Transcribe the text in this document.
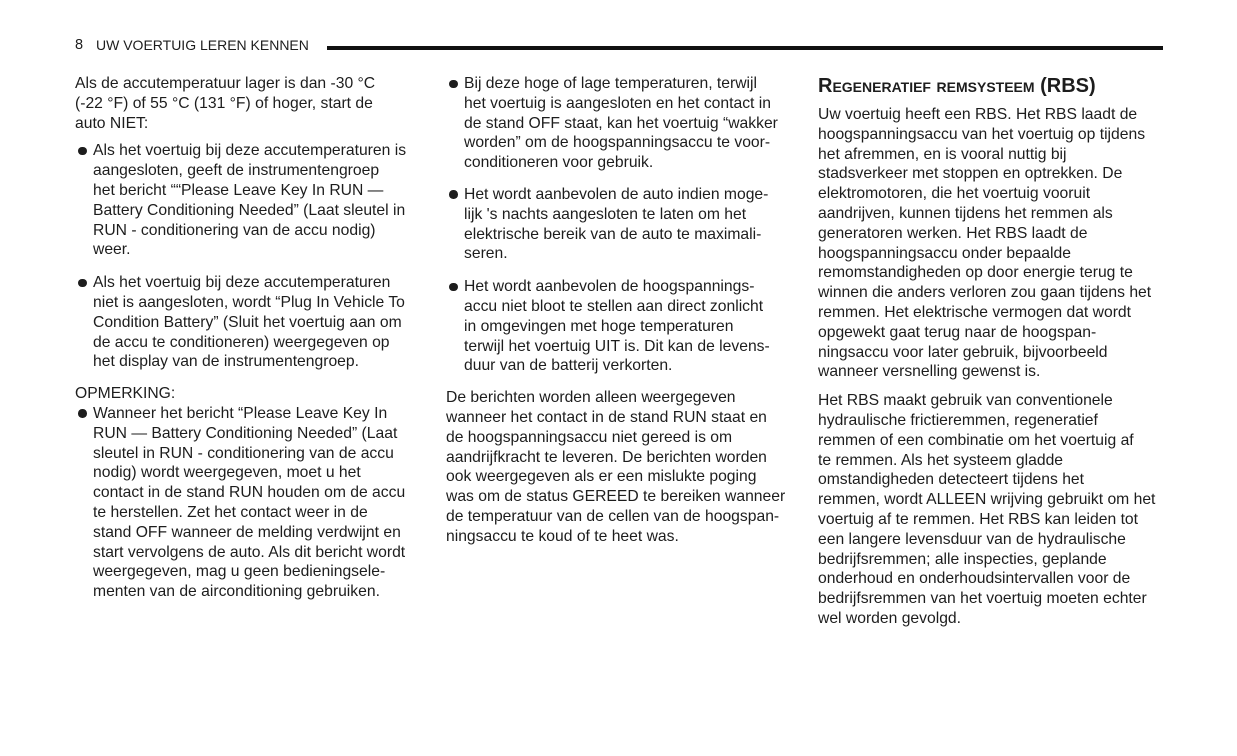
8 UW VOERTUIG LEREN KENNEN
Als de accutemperatuur lager is dan -30 °C
(-22 °F) of 55 °C (131 °F) of hoger, start de
auto NIET:
Als het voertuig bij deze accutemperaturen is
aangesloten, geeft de instrumentengroep
het bericht ““Please Leave Key In RUN —
Battery Conditioning Needed” (Laat sleutel in
RUN - conditionering van de accu nodig)
weer.
Als het voertuig bij deze accutemperaturen
niet is aangesloten, wordt “Plug In Vehicle To
Condition Battery” (Sluit het voertuig aan om
de accu te conditioneren) weergegeven op
het display van de instrumentengroep.
OPMERKING:
Wanneer het bericht “Please Leave Key In
RUN — Battery Conditioning Needed” (Laat
sleutel in RUN - conditionering van de accu
nodig) wordt weergegeven, moet u het
contact in de stand RUN houden om de accu
te herstellen. Zet het contact weer in de
stand OFF wanneer de melding verdwijnt en
start vervolgens de auto. Als dit bericht wordt
weergegeven, mag u geen bedieningsele-
menten van de airconditioning gebruiken.
Bij deze hoge of lage temperaturen, terwijl
het voertuig is aangesloten en het contact in
de stand OFF staat, kan het voertuig “wakker
worden” om de hoogspanningsaccu te voor-
conditioneren voor gebruik.
Het wordt aanbevolen de auto indien moge-
lijk 's nachts aangesloten te laten om het
elektrische bereik van de auto te maximali-
seren.
Het wordt aanbevolen de hoogspannings-
accu niet bloot te stellen aan direct zonlicht
in omgevingen met hoge temperaturen
terwijl het voertuig UIT is. Dit kan de levens-
duur van de batterij verkorten.
De berichten worden alleen weergegeven
wanneer het contact in de stand RUN staat en
de hoogspanningsaccu niet gereed is om
aandrijfkracht te leveren. De berichten worden
ook weergegeven als er een mislukte poging
was om de status GEREED te bereiken wanneer
de temperatuur van de cellen van de hoogspan-
ningsaccu te koud of te heet was.
Regeneratief remsysteem (RBS)
Uw voertuig heeft een RBS. Het RBS laadt de
hoogspanningsaccu van het voertuig op tijdens
het afremmen, en is vooral nuttig bij
stadsverkeer met stoppen en optrekken. De
elektromotoren, die het voertuig vooruit
aandrijven, kunnen tijdens het remmen als
generatoren werken. Het RBS laadt de
hoogspanningsaccu onder bepaalde
remomstandigheden op door energie terug te
winnen die anders verloren zou gaan tijdens het
remmen. Het elektrische vermogen dat wordt
opgewekt gaat terug naar de hoogspan-
ningsaccu voor later gebruik, bijvoorbeeld
wanneer versnelling gewenst is.
Het RBS maakt gebruik van conventionele
hydraulische frictieremmen, regeneratief
remmen of een combinatie om het voertuig af
te remmen. Als het systeem gladde
omstandigheden detecteert tijdens het
remmen, wordt ALLEEN wrijving gebruikt om het
voertuig af te remmen. Het RBS kan leiden tot
een langere levensduur van de hydraulische
bedrijfsremmen; alle inspecties, geplande
onderhoud en onderhoudsintervallen voor de
bedrijfsremmen van het voertuig moeten echter
wel worden gevolgd.
